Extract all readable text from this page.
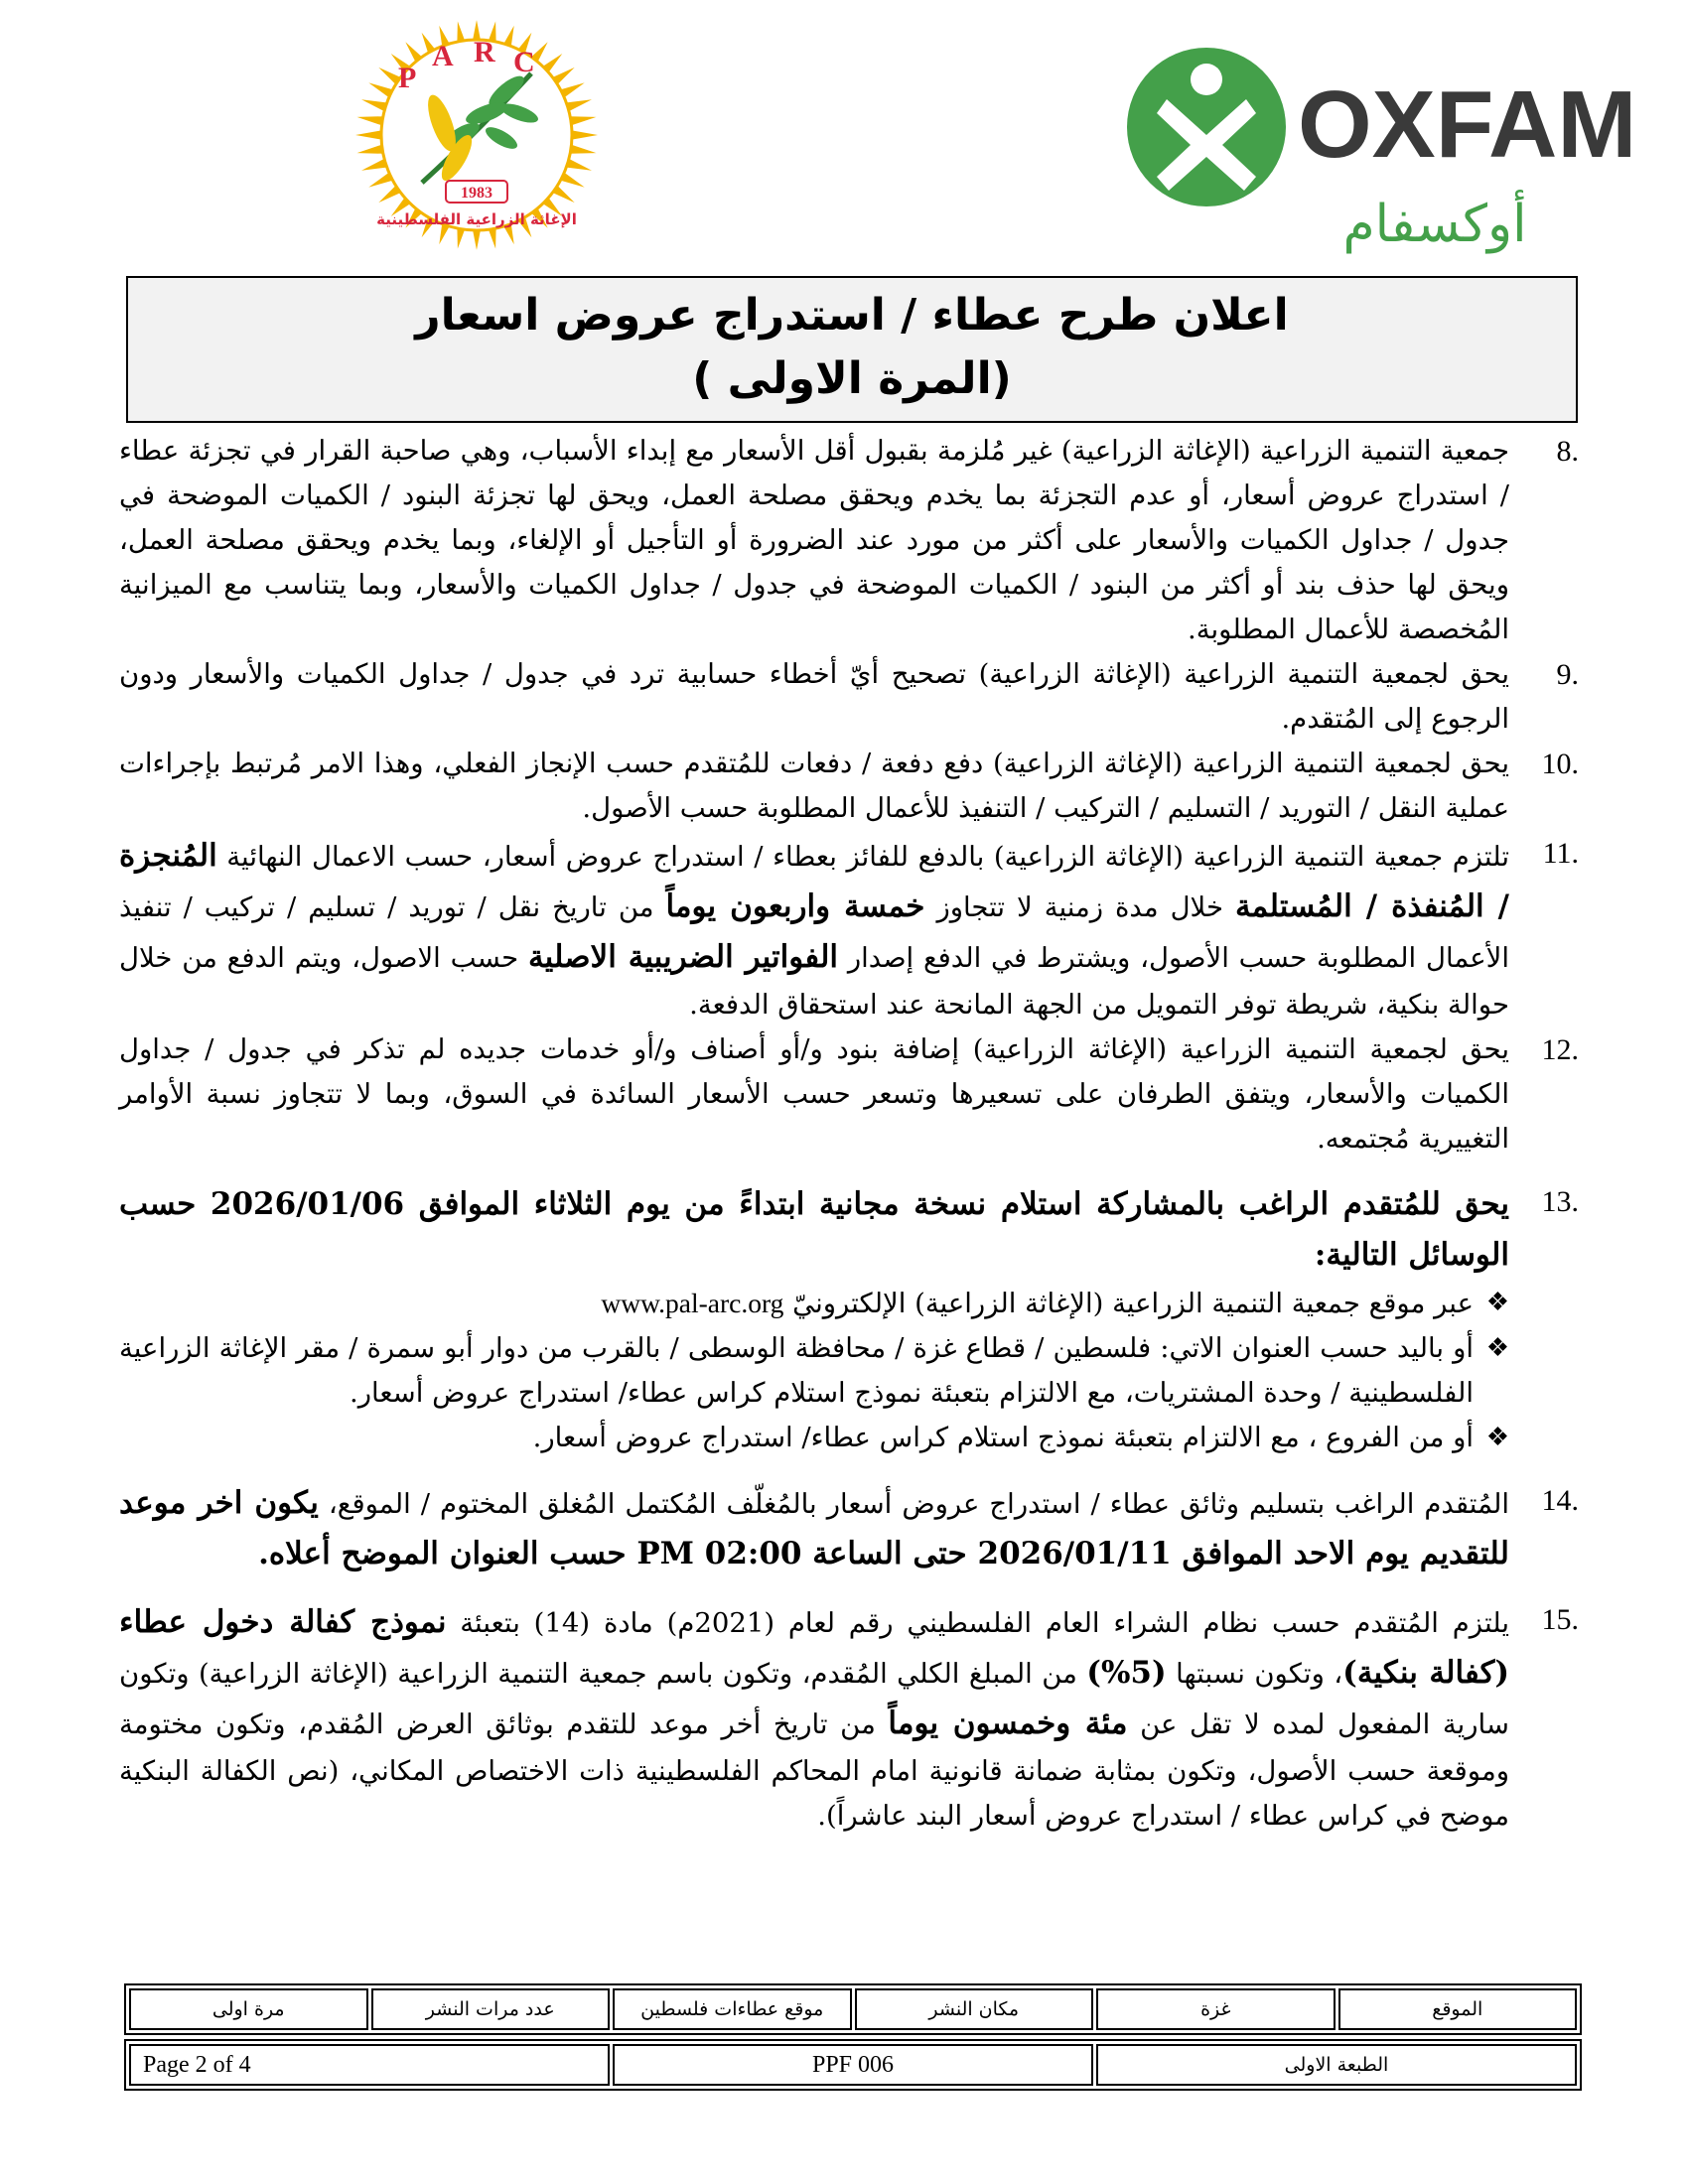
P
A R C
1983
الإغاثة الزراعية الفلسطينية
OXFAM
أوكسفام
اعلان طرح عطاء / استدراج عروض اسعار
(المرة الاولى )
8.
جمعية التنمية الزراعية (الإغاثة الزراعية) غير مُلزمة بقبول أقل الأسعار مع إبداء الأسباب، وهي صاحبة القرار في تجزئة عطاء / استدراج عروض أسعار، أو عدم التجزئة بما يخدم ويحقق مصلحة العمل، ويحق لها تجزئة البنود / الكميات الموضحة في جدول / جداول الكميات والأسعار على أكثر من مورد عند الضرورة أو التأجيل أو الإلغاء، وبما يخدم ويحقق مصلحة العمل، ويحق لها حذف بند أو أكثر من البنود / الكميات الموضحة في جدول / جداول الكميات والأسعار، وبما يتناسب مع الميزانية المُخصصة للأعمال المطلوبة.
9.
يحق لجمعية التنمية الزراعية (الإغاثة الزراعية) تصحيح أيّ أخطاء حسابية ترد في جدول / جداول الكميات والأسعار ودون الرجوع إلى المُتقدم.
10.
يحق لجمعية التنمية الزراعية (الإغاثة الزراعية) دفع دفعة / دفعات للمُتقدم حسب الإنجاز الفعلي، وهذا الامر مُرتبط بإجراءات عملية النقل / التوريد / التسليم / التركيب / التنفيذ للأعمال المطلوبة حسب الأصول.
11.
تلتزم جمعية التنمية الزراعية (الإغاثة الزراعية) بالدفع للفائز بعطاء / استدراج عروض أسعار، حسب الاعمال النهائية المُنجزة / المُنفذة / المُستلمة خلال مدة زمنية لا تتجاوز خمسة واربعون يوماً من تاريخ نقل / توريد / تسليم / تركيب / تنفيذ الأعمال المطلوبة حسب الأصول، ويشترط في الدفع إصدار الفواتير الضريبية الاصلية حسب الاصول، ويتم الدفع من خلال حوالة بنكية، شريطة توفر التمويل من الجهة المانحة عند استحقاق الدفعة.
12.
يحق لجمعية التنمية الزراعية (الإغاثة الزراعية) إضافة بنود و/أو أصناف و/أو خدمات جديده لم تذكر في جدول / جداول الكميات والأسعار، ويتفق الطرفان على تسعيرها وتسعر حسب الأسعار السائدة في السوق، وبما لا تتجاوز نسبة الأوامر التغييرية مُجتمعه.
13.
يحق للمُتقدم الراغب بالمشاركة استلام نسخة مجانية ابتداءً من يوم الثلاثاء الموافق 2026/01/06 حسب الوسائل التالية:
❖
عبر موقع جمعية التنمية الزراعية (الإغاثة الزراعية) الإلكترونيّ www.pal-arc.org
❖
أو باليد حسب العنوان الاتي: فلسطين / قطاع غزة / محافظة الوسطى / بالقرب من دوار أبو سمرة / مقر الإغاثة الزراعية الفلسطينية / وحدة المشتريات، مع الالتزام بتعبئة نموذج استلام كراس عطاء/ استدراج عروض أسعار.
❖
أو من الفروع ، مع الالتزام بتعبئة نموذج استلام كراس عطاء/ استدراج عروض أسعار.
14.
المُتقدم الراغب بتسليم وثائق عطاء / استدراج عروض أسعار بالمُغلّف المُكتمل المُغلق المختوم / الموقع، يكون اخر موعد للتقديم يوم الاحد الموافق 2026/01/11 حتى الساعة 02:00 PM حسب العنوان الموضح أعلاه.
15.
يلتزم المُتقدم حسب نظام الشراء العام الفلسطيني رقم لعام (2021م) مادة (14) بتعبئة نموذج كفالة دخول عطاء (كفالة بنكية)، وتكون نسبتها (5%) من المبلغ الكلي المُقدم، وتكون باسم جمعية التنمية الزراعية (الإغاثة الزراعية) وتكون سارية المفعول لمده لا تقل عن مئة وخمسون يوماً من تاريخ أخر موعد للتقدم بوثائق العرض المُقدم، وتكون مختومة وموقعة حسب الأصول، وتكون بمثابة ضمانة قانونية امام المحاكم الفلسطينية ذات الاختصاص المكاني، (نص الكفالة البنكية موضح في كراس عطاء / استدراج عروض أسعار البند عاشراً).
الموقع	غزة	مكان النشر	موقع عطاءات فلسطين	عدد مرات النشر	مرة اولى
الطبعة الاولى	PPF 006	Page 2 of 4
